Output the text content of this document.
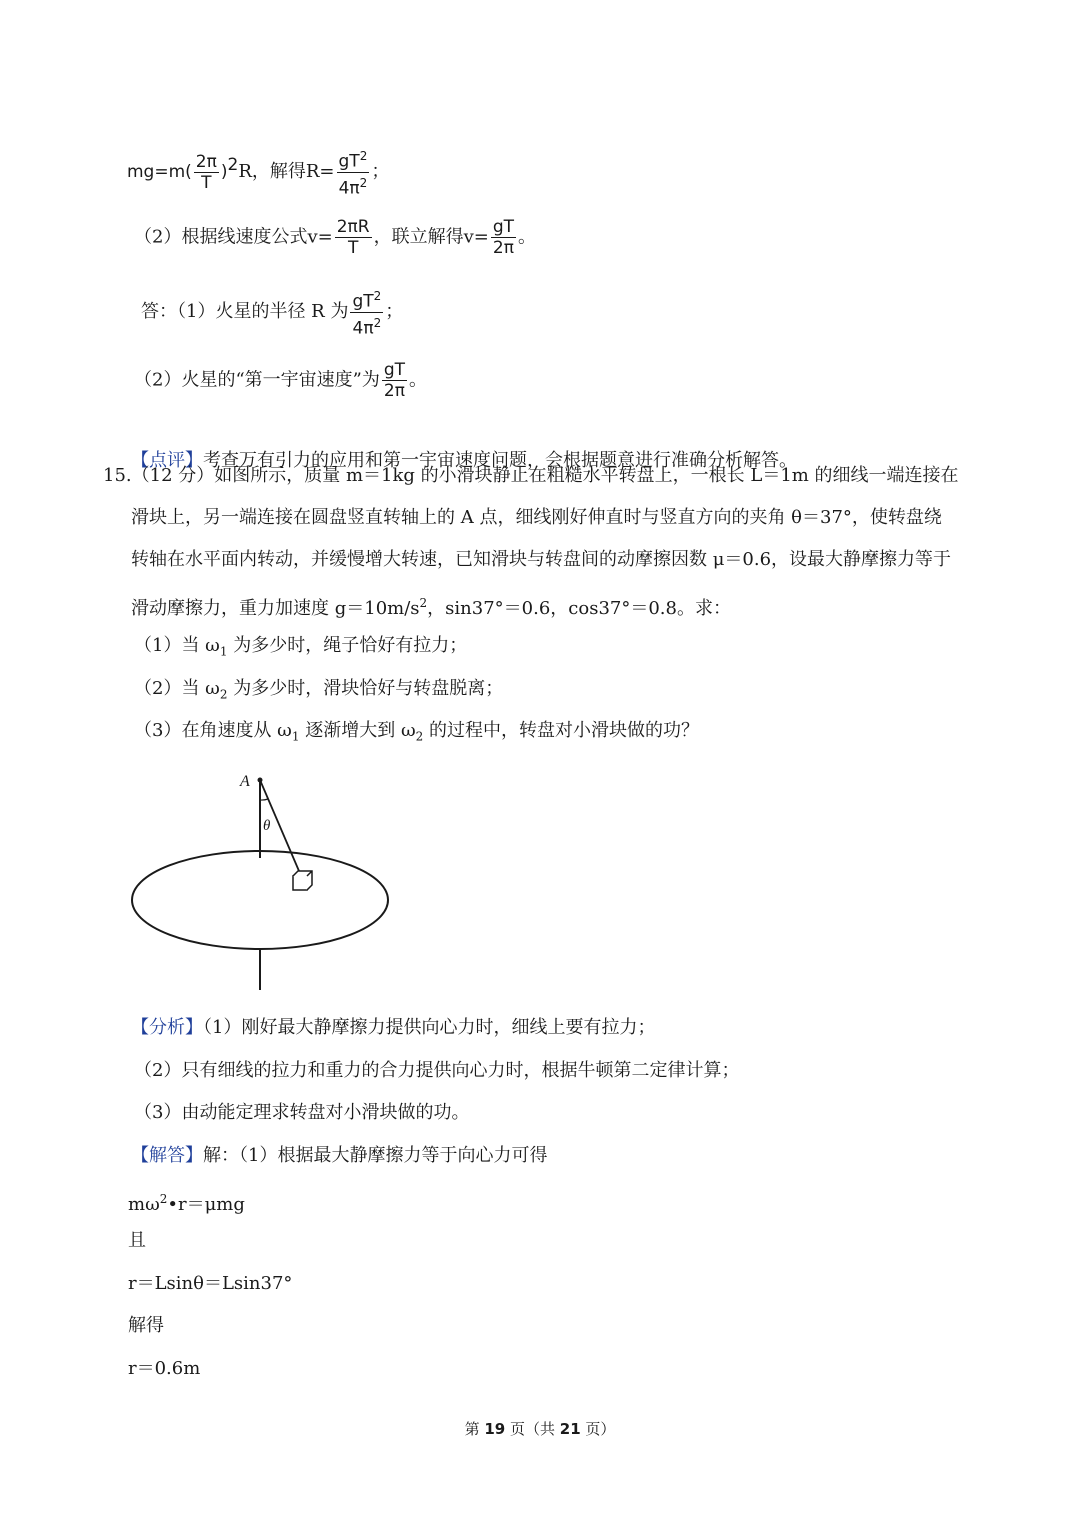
$mg=m( \frac{2\pi}{T} )^2R$，解得$R= \frac{gT^2}{4\pi^2}$ ；
（2）根据线速度公式$v= \frac{2\pi R}{T}$ ，联立解得$v= \frac{gT}{2\pi}$ 。
答：（1）火星的半径 R 为 $\frac{gT^2}{4\pi^2}$ ；
（2）火星的“第一宇宙速度”为 $\frac{gT}{2\pi}$ 。
【点评】考查万有引力的应用和第一宇宙速度问题，会根据题意进行准确分析解答。
15.（12 分）如图所示，质量 m＝1kg 的小滑块静止在粗糙水平转盘上，一根长 L＝1m 的细线一端连接在
滑块上，另一端连接在圆盘竖直转轴上的 A 点，细线刚好伸直时与竖直方向的夹角 θ＝37°，使转盘绕
转轴在水平面内转动，并缓慢增大转速，已知滑块与转盘间的动摩擦因数 μ＝0.6，设最大静摩擦力等于
滑动摩擦力，重力加速度 $g=10m/s^2$，sin37°＝0.6，cos37°＝0.8。求：
（1）当 $\omega_1$ 为多少时，绳子恰好有拉力；
（2）当 $\omega_2$ 为多少时，滑块恰好与转盘脱离；
（3）在角速度从 $\omega_1$ 逐渐增大到 $\omega_2$ 的过程中，转盘对小滑块做的功？
A
θ
【分析】（1）刚好最大静摩擦力提供向心力时，细线上要有拉力；
（2）只有细线的拉力和重力的合力提供向心力时，根据牛顿第二定律计算；
（3）由动能定理求转盘对小滑块做的功。
【解答】解：（1）根据最大静摩擦力等于向心力可得
$m\omega^2•r=\mu mg$
且
r＝Lsinθ＝Lsin37°
解得
r＝0.6m
第 19 页（共 21 页）
